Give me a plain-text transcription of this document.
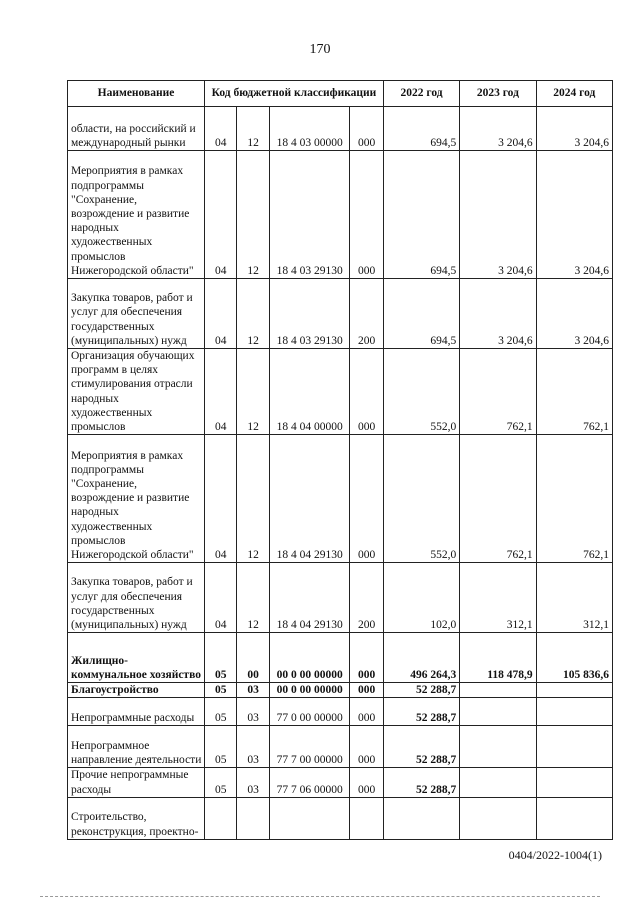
170
Наименование	Код бюджетной классификации				2022 год	2023 год	2024 год
области, на российский и международный рынки	04	12	18 4 03 00000	000	694,5	3 204,6	3 204,6
Мероприятия в рамках подпрограммы "Сохранение, возрождение и развитие народных художественных промыслов Нижегородской области"	04	12	18 4 03 29130	000	694,5	3 204,6	3 204,6
Закупка товаров, работ и услуг для обеспечения государственных (муниципальных) нужд	04	12	18 4 03 29130	200	694,5	3 204,6	3 204,6
Организация обучающих программ в целях стимулирования отрасли народных художественных промыслов	04	12	18 4 04 00000	000	552,0	762,1	762,1
Мероприятия в рамках подпрограммы "Сохранение, возрождение и развитие народных художественных промыслов Нижегородской области"	04	12	18 4 04 29130	000	552,0	762,1	762,1
Закупка товаров, работ и услуг для обеспечения государственных (муниципальных) нужд	04	12	18 4 04 29130	200	102,0	312,1	312,1
Жилищно-коммунальное хозяйство	05	00	00 0 00 00000	000	496 264,3	118 478,9	105 836,6
Благоустройство	05	03	00 0 00 00000	000	52 288,7		
Непрограммные расходы	05	03	77 0 00 00000	000	52 288,7		
Непрограммное направление деятельности	05	03	77 7 00 00000	000	52 288,7		
Прочие непрограммные расходы	05	03	77 7 06 00000	000	52 288,7		
Строительство, реконструкция, проектно-							
0404/2022-1004(1)
